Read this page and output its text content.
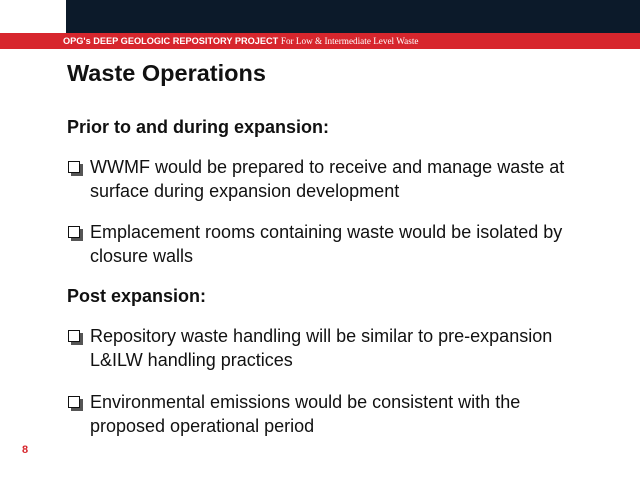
OPG's DEEP GEOLOGIC REPOSITORY PROJECT For Low & Intermediate Level Waste
Waste Operations
Prior to and during expansion:
WWMF would be prepared to receive and manage waste at surface during expansion development
Emplacement rooms containing waste would be isolated by closure walls
Post expansion:
Repository waste handling will be similar to pre-expansion L&ILW handling practices
Environmental emissions would be consistent with the proposed operational period
8
